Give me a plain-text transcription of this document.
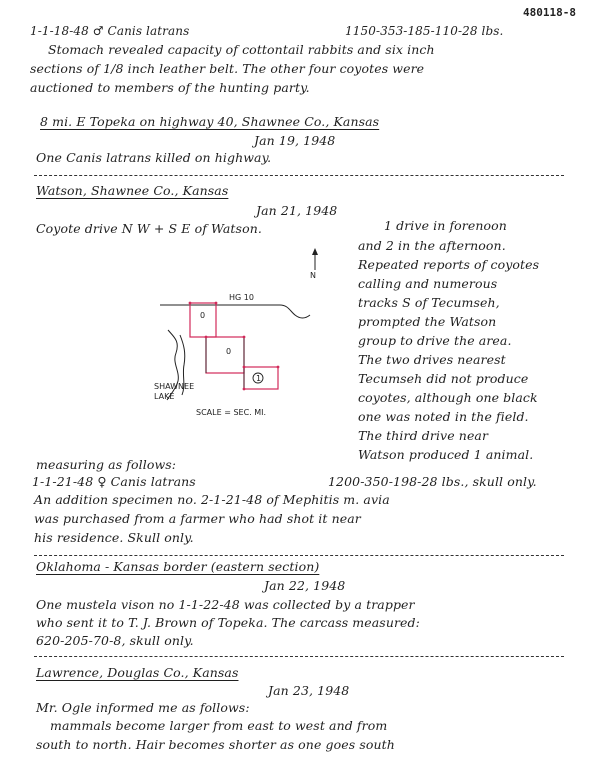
480118-8
1-1-18-48 ♂ Canis latrans	1150-353-185-110-28 lbs.
Stomach revealed capacity of cottontail rabbits and six inch
sections of 1/8 inch leather belt. The other four coyotes were
auctioned to members of the hunting party.
8 mi. E Topeka on highway 40, Shawnee Co., Kansas
Jan 19, 1948
One Canis latrans killed on highway.
Watson, Shawnee Co., Kansas
Jan 21, 1948
Coyote drive N W + S E of Watson.	1 drive in forenoon
and 2 in the afternoon.
Repeated reports of coyotes
calling and numerous
tracks S of Tecumseh,
prompted the Watson
group to drive the area.
The two drives nearest
Tecumseh did not produce
coyotes, although one black
one was noted in the field.
The third drive near
Watson produced 1 animal.
N
HG 10
0
0
1
SHAWNEE LAKE
SCALE = SEC. MI.
measuring as follows:
1-1-21-48 ♀ Canis latrans	1200-350-198-28 lbs., skull only.
An addition specimen no. 2-1-21-48 of Mephitis m. avia
was purchased from a farmer who had shot it near
his residence. Skull only.
Oklahoma - Kansas border (eastern section)
Jan 22, 1948
One mustela vison no 1-1-22-48 was collected by a trapper
who sent it to T. J. Brown of Topeka. The carcass measured:
620-205-70-8, skull only.
Lawrence, Douglas Co., Kansas
Jan 23, 1948
Mr. Ogle informed me as follows:
mammals become larger from east to west and from
south to north. Hair becomes shorter as one goes south
